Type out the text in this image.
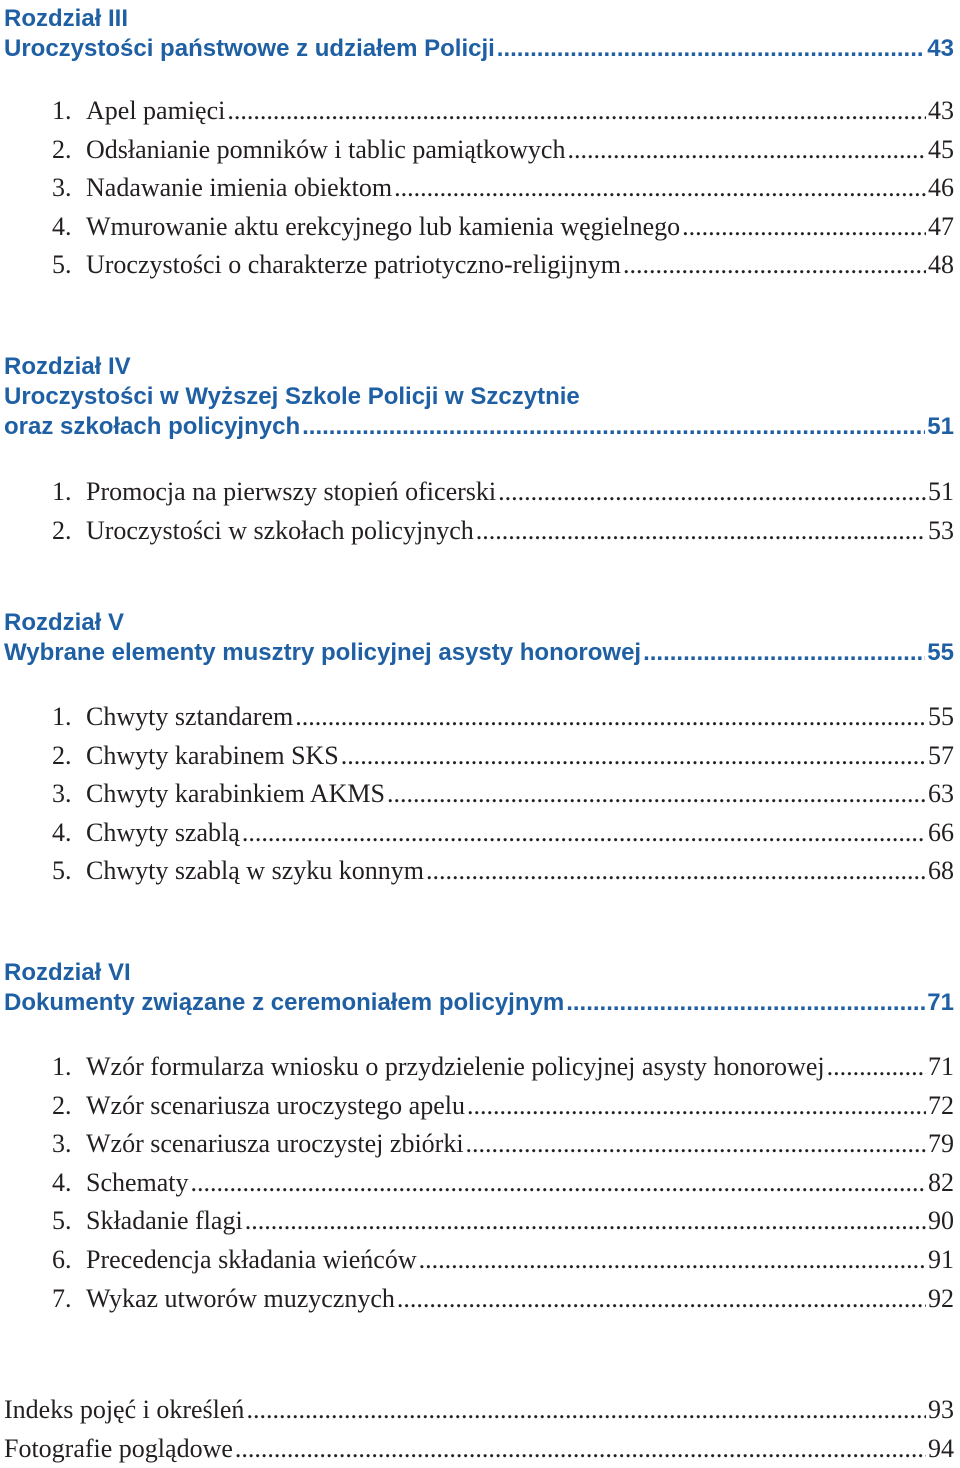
Rozdział III
Uroczystości państwowe z udziałem Policji .....	43
1. Apel pamięci .....	43
2. Odsłanianie pomników i tablic pamiątkowych .....	45
3. Nadawanie imienia obiektom .....	46
4. Wmurowanie aktu erekcyjnego lub kamienia węgielnego .....	47
5. Uroczystości o charakterze patriotyczno-religijnym .....	48
Rozdział IV
Uroczystości w Wyższej Szkole Policji w Szczytnie
oraz szkołach policyjnych .....	51
1. Promocja na pierwszy stopień oficerski .....	51
2. Uroczystości w szkołach policyjnych .....	53
Rozdział V
Wybrane elementy musztry policyjnej asysty honorowej .....	55
1. Chwyty sztandarem .....	55
2. Chwyty karabinem SKS .....	57
3. Chwyty karabinkiem AKMS .....	63
4. Chwyty szablą .....	66
5. Chwyty szablą w szyku konnym .....	68
Rozdział VI
Dokumenty związane z ceremoniałem policyjnym .....	71
1. Wzór formularza wniosku o przydzielenie policyjnej asysty honorowej .....	71
2. Wzór scenariusza uroczystego apelu .....	72
3. Wzór scenariusza uroczystej zbiórki .....	79
4. Schematy .....	82
5. Składanie flagi .....	90
6. Precedencja składania wieńców .....	91
7. Wykaz utworów muzycznych .....	92
Indeks pojęć i określeń .....	93
Fotografie poglądowe .....	94
